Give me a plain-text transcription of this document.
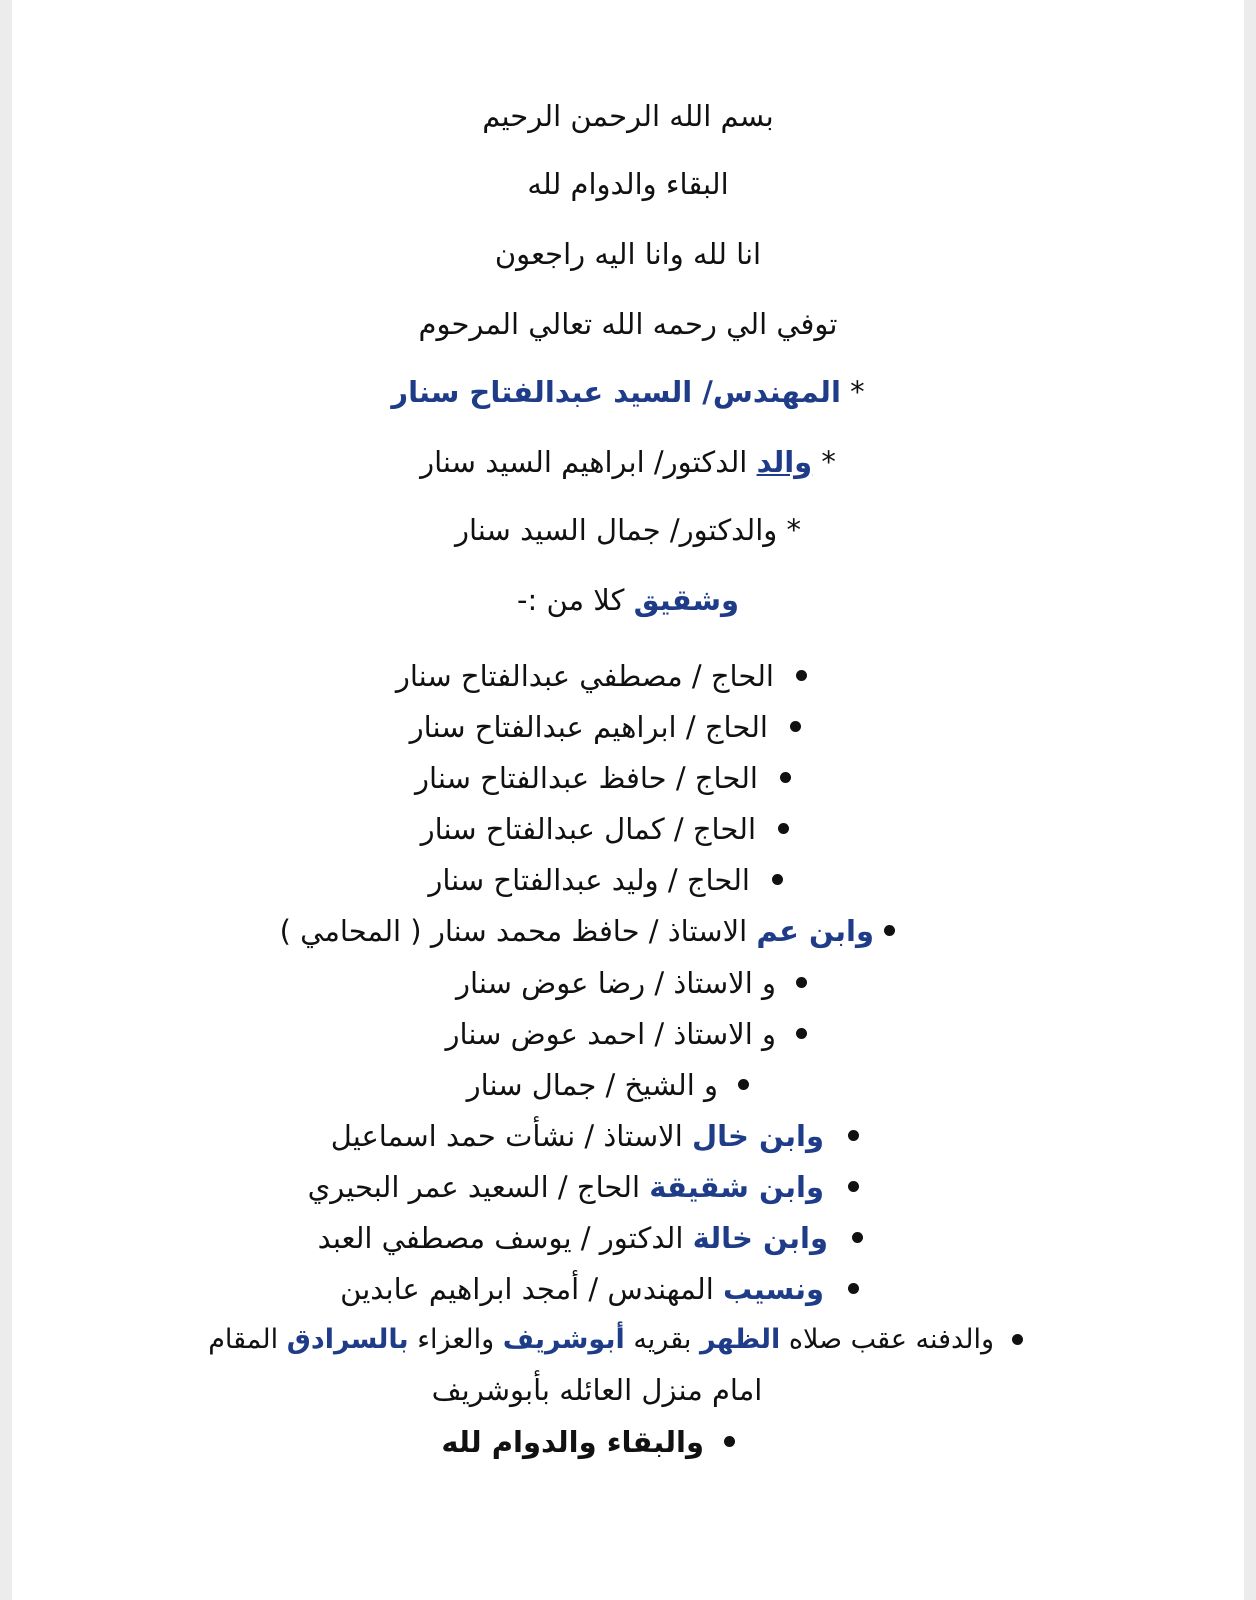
بسم الله الرحمن الرحيم
البقاء والدوام لله
انا لله وانا اليه راجعون
توفي الي رحمه الله تعالي المرحوم
* المهندس/ السيد عبدالفتاح سنار
* والد الدكتور/ ابراهيم السيد سنار
* والدكتور/ جمال السيد سنار
وشقيق كلا من :-
الحاج / مصطفي عبدالفتاح سنار
الحاج / ابراهيم عبدالفتاح سنار
الحاج / حافظ عبدالفتاح سنار
الحاج / كمال عبدالفتاح سنار
الحاج / وليد عبدالفتاح سنار
وابن عم الاستاذ / حافظ محمد سنار ( المحامي )
و الاستاذ / رضا عوض سنار
و الاستاذ / احمد عوض سنار
و الشيخ / جمال سنار
وابن خال الاستاذ / نشأت حمد اسماعيل
وابن شقيقة الحاج / السعيد عمر البحيري
وابن خالة الدكتور / يوسف مصطفي العبد
ونسيب المهندس / أمجد ابراهيم عابدين
والدفنه عقب صلاه الظهر بقريه أبوشريف والعزاء بالسرادق المقام
امام منزل العائله بأبوشريف
والبقاء والدوام لله
